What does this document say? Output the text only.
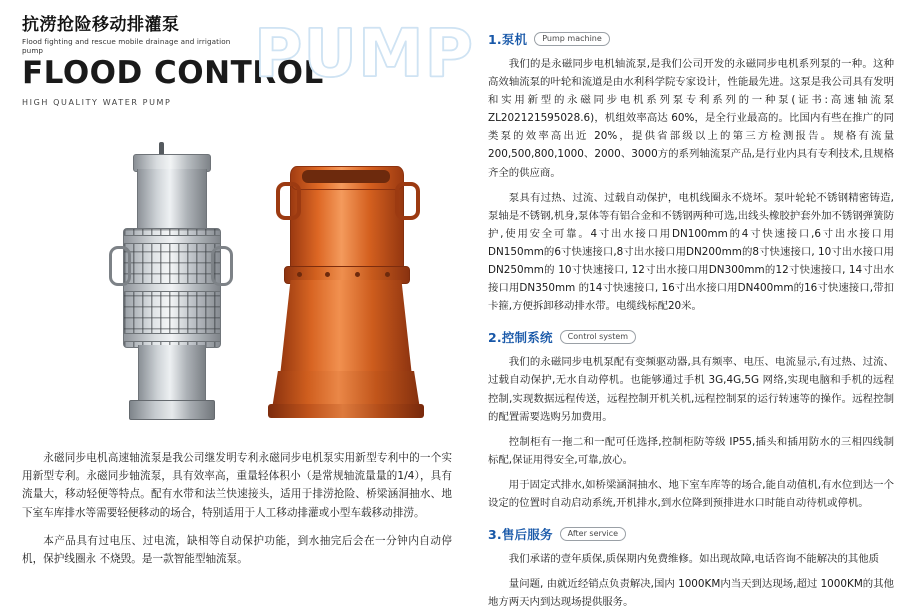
抗涝抢险移动排灌泵
Flood fighting and rescue mobile drainage and irrigation pump
FLOOD CONTROL
HIGH QUALITY WATER PUMP
PUMP

永磁同步电机高速轴流泵是我公司继发明专利永磁同步电机泵实用新型专利中的一个实用新型专利。永磁同步轴流泵，具有效率高，重量轻体积小（是常规轴流量量的1/4），具有流量大，移动轻便等特点。配有水带和法兰快速接头，适用于排涝抢险、桥梁涵洞抽水、地下室车库排水等需要轻便移动的场合，特别适用于人工移动排灌或小型车载移动排涝。

本产品具有过电压、过电流，缺相等自动保护功能，到水抽完后会在一分钟内自动停机，保护线圈永 不烧毁。是一款智能型轴流泵。

1.泵机	Pump machine

我们的是永磁同步电机轴流泵,是我们公司开发的永磁同步电机系列泵的一种。这种高效轴流泵的叶轮和流道是由水利科学院专家设计，性能最先进。这泵是我公司具有发明和实用新型的永磁同步电机系列泵专利系列的一种泵(证书:高速轴流泵ZL202121595028.6)，机组效率高达 60%，是全行业最高的。比国内有些在推广的同类泵的效率高出近 20%，提供省部级以上的第三方检测报告。规格有流量 200,500,800,1000、2000、3000方的系列轴流泵产品,是行业内具有专利技术,且规格齐全的供应商。

泵具有过热、过流、过载自动保护，电机线圈永不烧坏。泵叶轮轮不锈钢精密铸造,泵轴是不锈钢,机身,泵体等有铝合金和不锈钢两种可选,出线头橡胶护套外加不锈钢弹簧防护,使用安全可靠。4寸出水接口用DN100mm的4寸快速接口,6寸出水接口用DN150mm的6寸快速接口,8寸出水接口用DN200mm的8寸快速接口, 10寸出水接口用DN250mm的 10寸快速接口, 12寸出水接口用DN300mm的12寸快速接口, 14寸出水接口用DN350mm 的14寸快速接口, 16寸出水接口用DN400mm的16寸快速接口,带扣卡箍,方便拆卸移动排水带。电缆线标配20米。

2.控制系统	Control system

我们的永磁同步电机泵配有变频驱动器,具有频率、电压、电流显示,有过热、过流、过载自动保护,无水自动停机。也能够通过手机 3G,4G,5G 网络,实现电脑和手机的远程控制,实现数据远程传送，远程控制开机关机,远程控制泵的运行转速等的操作。远程控制的配置需要选购另加费用。

控制柜有一拖二和一配可任选择,控制柜防等级 IP55,插头和插用防水的三相四线制标配,保证用得安全,可靠,放心。

用于固定式排水,如桥梁涵洞抽水、地下室车库等的场合,能自动值机,有水位到达一个设定的位置时自动启动系统,开机排水,到水位降到预排进水口时能自动待机或停机。

3.售后服务	After service

我们承诺的壹年质保,质保期内免费维修。如出现故障,电话咨询不能解决的其他质

量问题, 由就近经销点负责解决,国内 1000KM内当天到达现场,超过 1000KM的其他地方两天内到达现场提供服务。
